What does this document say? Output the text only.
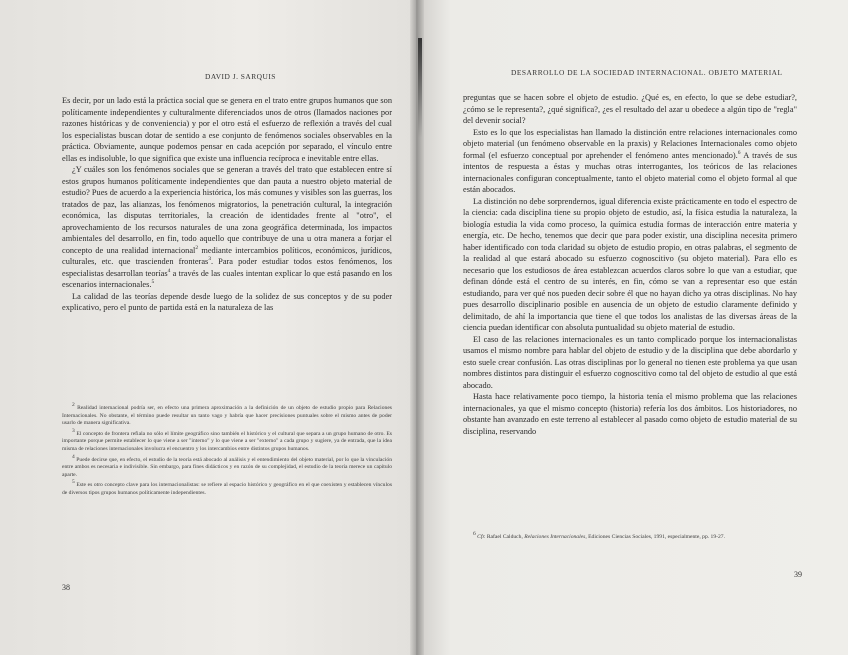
DAVID J. SARQUIS

Es decir, por un lado está la práctica social que se genera en el trato entre grupos humanos que son políticamente independientes y culturalmente diferenciados unos de otros (llamados naciones por razones históricas y de conveniencia) y por el otro está el esfuerzo de reflexión a través del cual los especialistas buscan dotar de sentido a ese conjunto de fenómenos sociales observables en la práctica. Obviamente, aunque podemos pensar en cada acepción por separado, el vínculo entre ellas es indisoluble, lo que significa que existe una influencia recíproca e inevitable entre ellas.

¿Y cuáles son los fenómenos sociales que se generan a través del trato que establecen entre sí estos grupos humanos políticamente independientes que dan pauta a nuestro objeto material de estudio? Pues de acuerdo a la experiencia histórica, los más comunes y visibles son las guerras, los tratados de paz, las alianzas, los fenómenos migratorios, la penetración cultural, la integración económica, las disputas territoriales, la creación de identidades frente al "otro", el aprovechamiento de los recursos naturales de una zona geográfica determinada, los impactos ambientales del desarrollo, en fin, todo aquello que contribuye de una u otra manera a forjar el concepto de una realidad internacional$^2$ mediante intercambios políticos, económicos, jurídicos, culturales, etc. que trascienden fronteras$^3$. Para poder estudiar todos estos fenómenos, los especialistas desarrollan teorías$^4$ a través de las cuales intentan explicar lo que está pasando en los escenarios internacionales.$^5$

La calidad de las teorías depende desde luego de la solidez de sus conceptos y de su poder explicativo, pero el punto de partida está en la naturaleza de las

$^2$ Realidad internacional podría ser, en efecto una primera aproximación a la definición de un objeto de estudio propio para Relaciones Internacionales. No obstante, el término puede resultar un tanto vago y habría que hacer precisiones puntuales sobre el mismo antes de poder usarlo de manera significativa.

$^3$ El concepto de frontera refiala no sólo el límite geográfico sino también el histórico y el cultural que separa a un grupo humano de otro. Es importante porque permite establecer lo que viene a ser "interno" y lo que viene a ser "externo" a cada grupo y sugiere, ya de entrada, que la idea misma de relaciones internacionales involucra el encuentro y los intercambios entre distintos grupos humanos.

$^4$ Puede decirse que, en efecto, el estudio de la teoría está abocado al análisis y el entendimiento del objeto material, por lo que la vinculación entre ambos es necesaria e indivisible. Sin embargo, para fines didácticos y en razón de su complejidad, el estudio de la teoría merece un capítulo aparte.

$^5$ Este es otro concepto clave para los internacionalistas: se refiere al espacio histórico y geográfico en el que coexisten y establecen vínculos de diversos tipos grupos humanos políticamente independientes.

38
DESARROLLO DE LA SOCIEDAD INTERNACIONAL. OBJETO MATERIAL

preguntas que se hacen sobre el objeto de estudio. ¿Qué es, en efecto, lo que se debe estudiar?, ¿cómo se le representa?, ¿qué significa?, ¿es el resultado del azar u obedece a algún tipo de "regla" del devenir social?

Esto es lo que los especialistas han llamado la distinción entre relaciones internacionales como objeto material (un fenómeno observable en la praxis) y Relaciones Internacionales como objeto formal (el esfuerzo conceptual por aprehender el fenómeno antes mencionado).$^6$ A través de sus intentos de respuesta a éstas y muchas otras interrogantes, los teóricos de las relaciones internacionales configuran conceptualmente, tanto el objeto material como el objeto formal al que están abocados.

La distinción no debe sorprendernos, igual diferencia existe prácticamente en todo el espectro de la ciencia: cada disciplina tiene su propio objeto de estudio, así, la física estudia la naturaleza, la biología estudia la vida como proceso, la química estudia formas de interacción entre materia y energía, etc. De hecho, tenemos que decir que para poder existir, una disciplina necesita primero haber identificado con toda claridad su objeto de estudio propio, en otras palabras, el segmento de la realidad al que estará abocado su esfuerzo cognoscitivo (su objeto material). Para ello es necesario que los estudiosos de área establezcan acuerdos claros sobre lo que van a estudiar, que definan dónde está el centro de su interés, en fin, cómo se van a representar eso que están estudiando, para ver qué nos pueden decir sobre él que no hayan dicho ya otras disciplinas. No hay pues desarrollo disciplinario posible en ausencia de un objeto de estudio claramente definido y delimitado, de ahí la importancia que tiene el que todos los analistas de las diversas áreas de la ciencia puedan identificar con absoluta puntualidad su objeto material de estudio.

El caso de las relaciones internacionales es un tanto complicado porque los internacionalistas usamos el mismo nombre para hablar del objeto de estudio y de la disciplina que debe abordarlo y esto suele crear confusión. Las otras disciplinas por lo general no tienen este problema ya que usan nombres distintos para distinguir el esfuerzo cognoscitivo como tal del objeto de estudio al que está abocado.

Hasta hace relativamente poco tiempo, la historia tenía el mismo problema que las relaciones internacionales, ya que el mismo concepto (historia) refería los dos ámbitos. Los historiadores, no obstante han avanzado en este terreno al establecer al pasado como objeto de estudio material de su disciplina, reservando

$^6$ Cfr. Rafael Calduch, Relaciones Internacionales, Ediciones Ciencias Sociales, 1991, especialmente, pp. 19-27.

39
